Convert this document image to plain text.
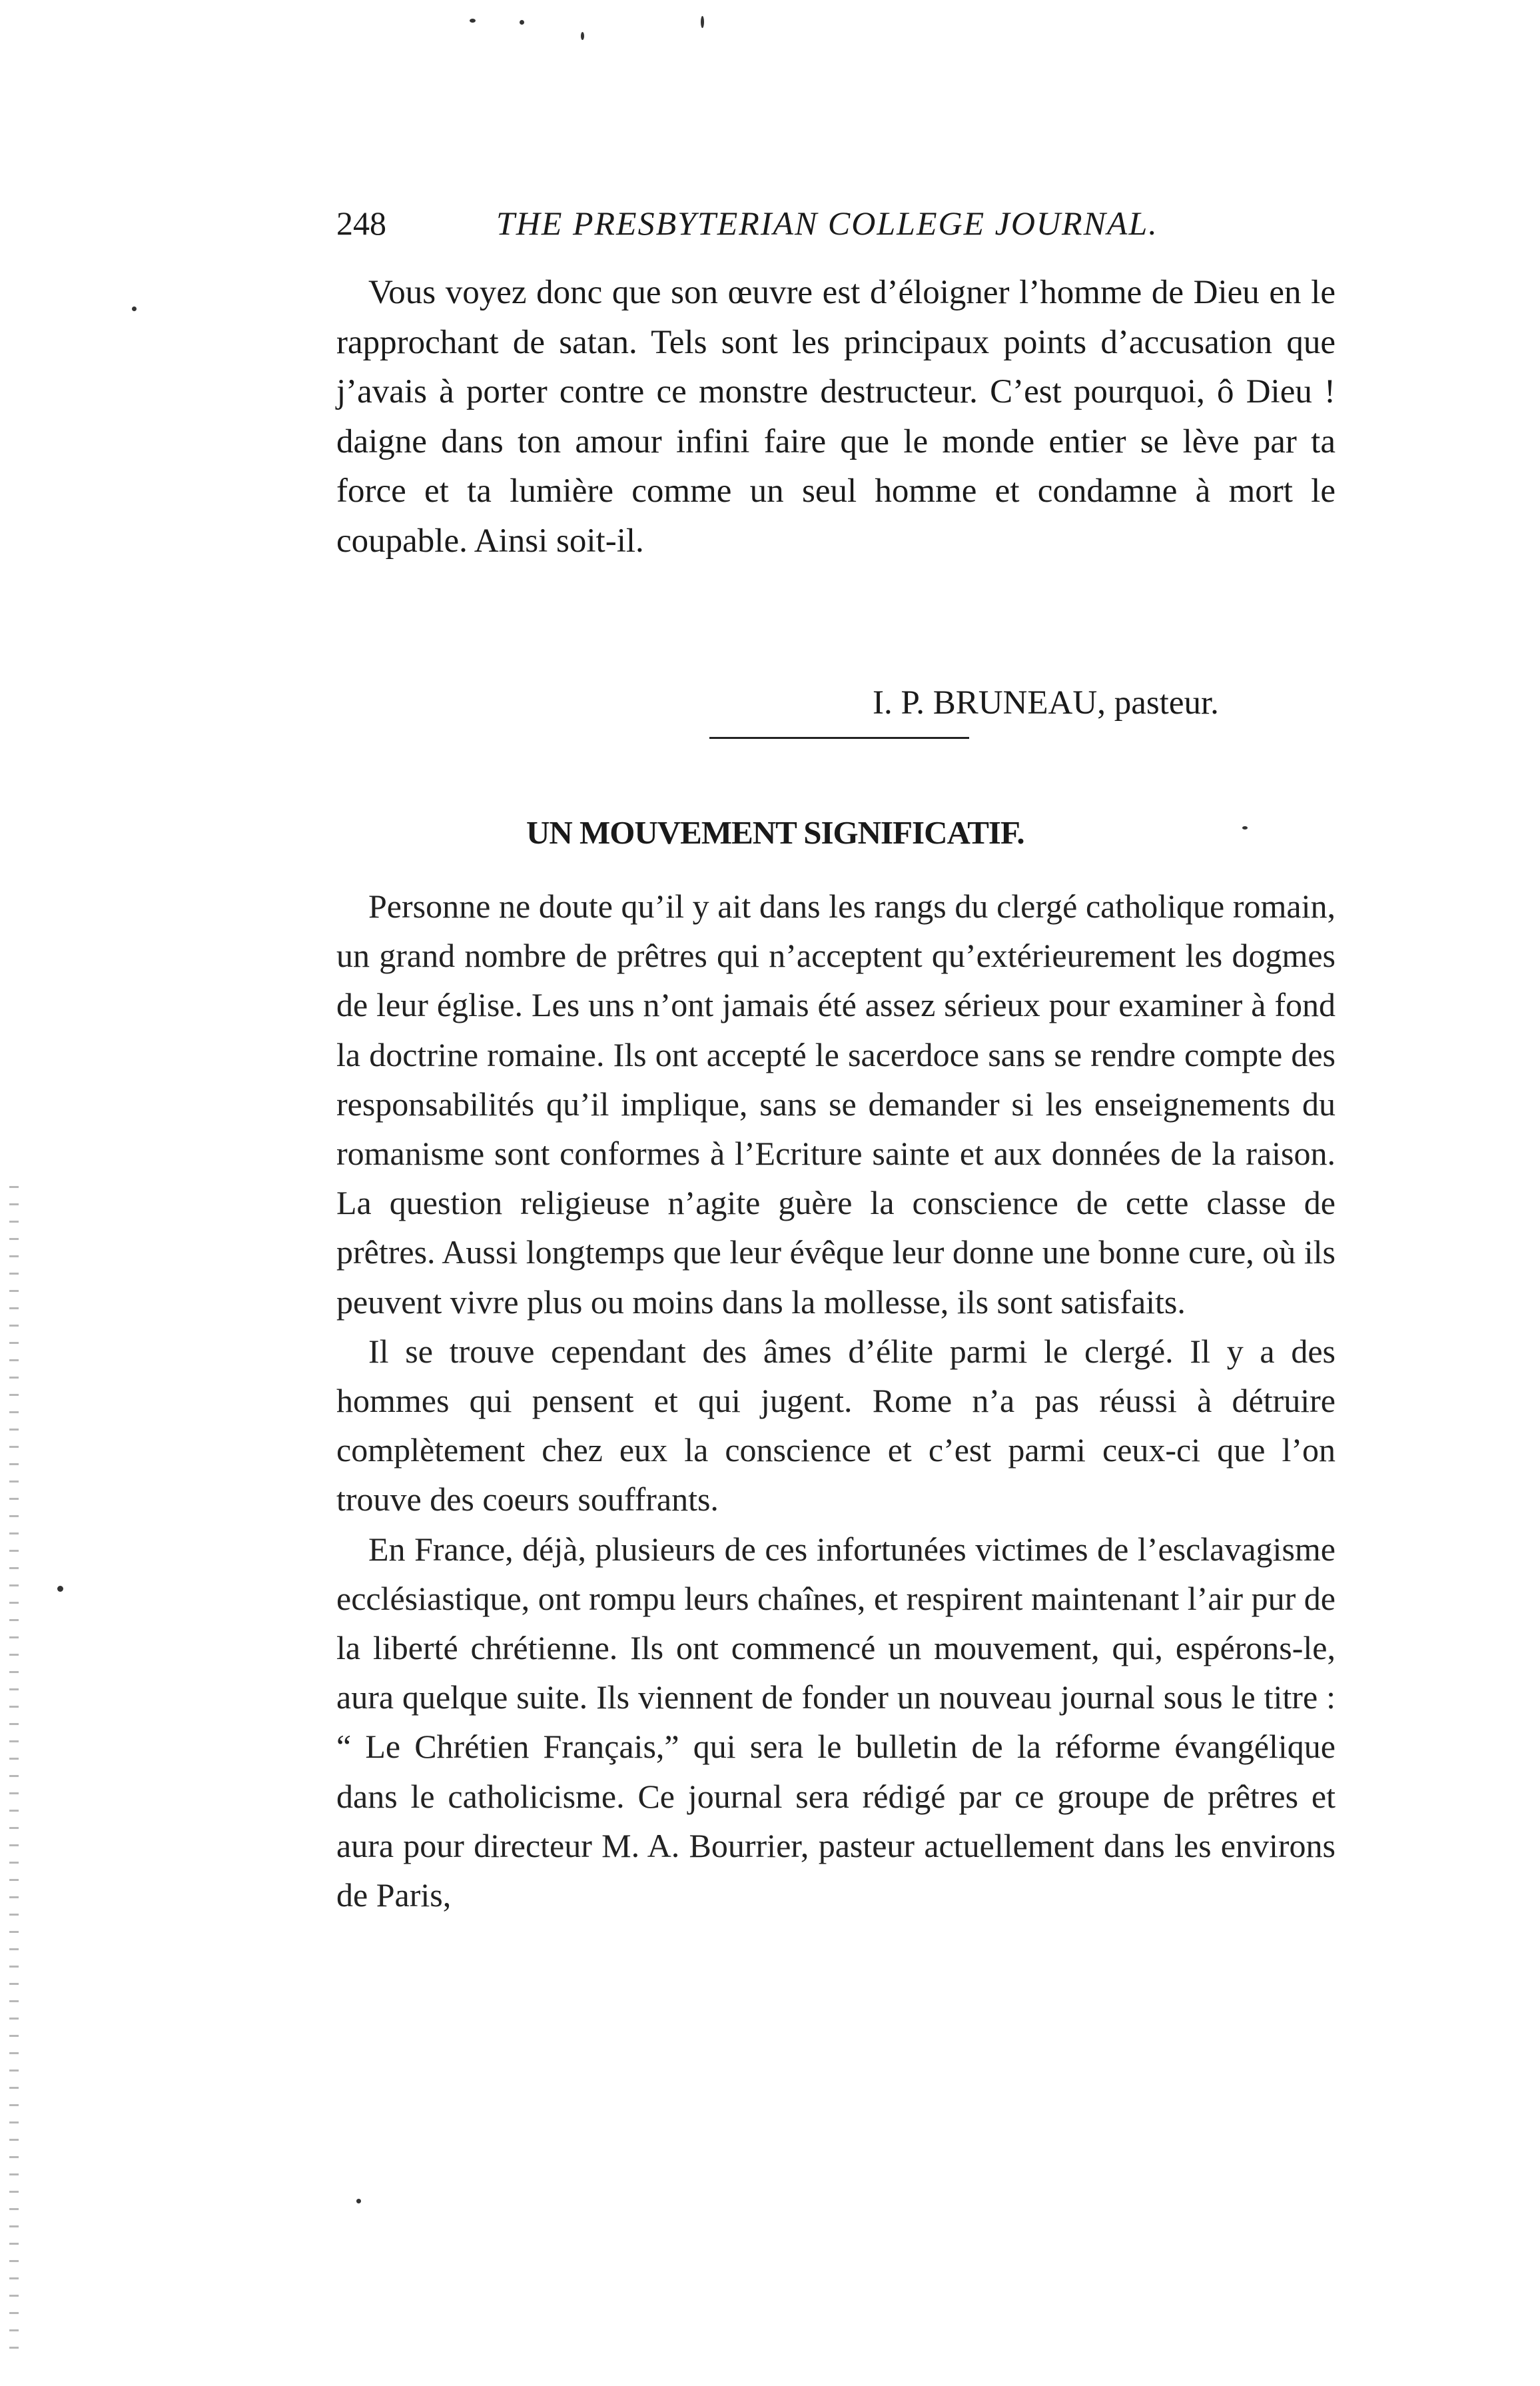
248	THE PRESBYTERIAN COLLEGE JOURNAL.

Vous voyez donc que son œuvre est d’éloigner l’homme de Dieu en le rapprochant de satan. Tels sont les principaux points d’accusation que j’avais à porter contre ce monstre destructeur. C’est pourquoi, ô Dieu ! daigne dans ton amour infini faire que le monde entier se lève par ta force et ta lumière comme un seul homme et condamne à mort le coupable. Ainsi soit-il.

I. P. BRUNEAU, pasteur.
UN MOUVEMENT SIGNIFICATIF.

Personne ne doute qu’il y ait dans les rangs du clergé catholique romain, un grand nombre de prêtres qui n’acceptent qu’extérieurement les dogmes de leur église. Les uns n’ont jamais été assez sérieux pour examiner à fond la doctrine romaine. Ils ont accepté le sacerdoce sans se rendre compte des responsabilités qu’il implique, sans se demander si les enseignements du romanisme sont conformes à l’Ecriture sainte et aux données de la raison. La question religieuse n’agite guère la conscience de cette classe de prêtres. Aussi longtemps que leur évêque leur donne une bonne cure, où ils peuvent vivre plus ou moins dans la mollesse, ils sont satisfaits.

Il se trouve cependant des âmes d’élite parmi le clergé. Il y a des hommes qui pensent et qui jugent. Rome n’a pas réussi à détruire complètement chez eux la conscience et c’est parmi ceux-ci que l’on trouve des coeurs souffrants.

En France, déjà, plusieurs de ces infortunées victimes de l’esclavagisme ecclésiastique, ont rompu leurs chaînes, et respirent maintenant l’air pur de la liberté chrétienne. Ils ont commencé un mouvement, qui, espérons-le, aura quelque suite. Ils viennent de fonder un nouveau journal sous le titre : “ Le Chrétien Français,” qui sera le bulletin de la réforme évangélique dans le catholicisme. Ce journal sera rédigé par ce groupe de prêtres et aura pour directeur M. A. Bourrier, pasteur actuellement dans les environs de Paris,
